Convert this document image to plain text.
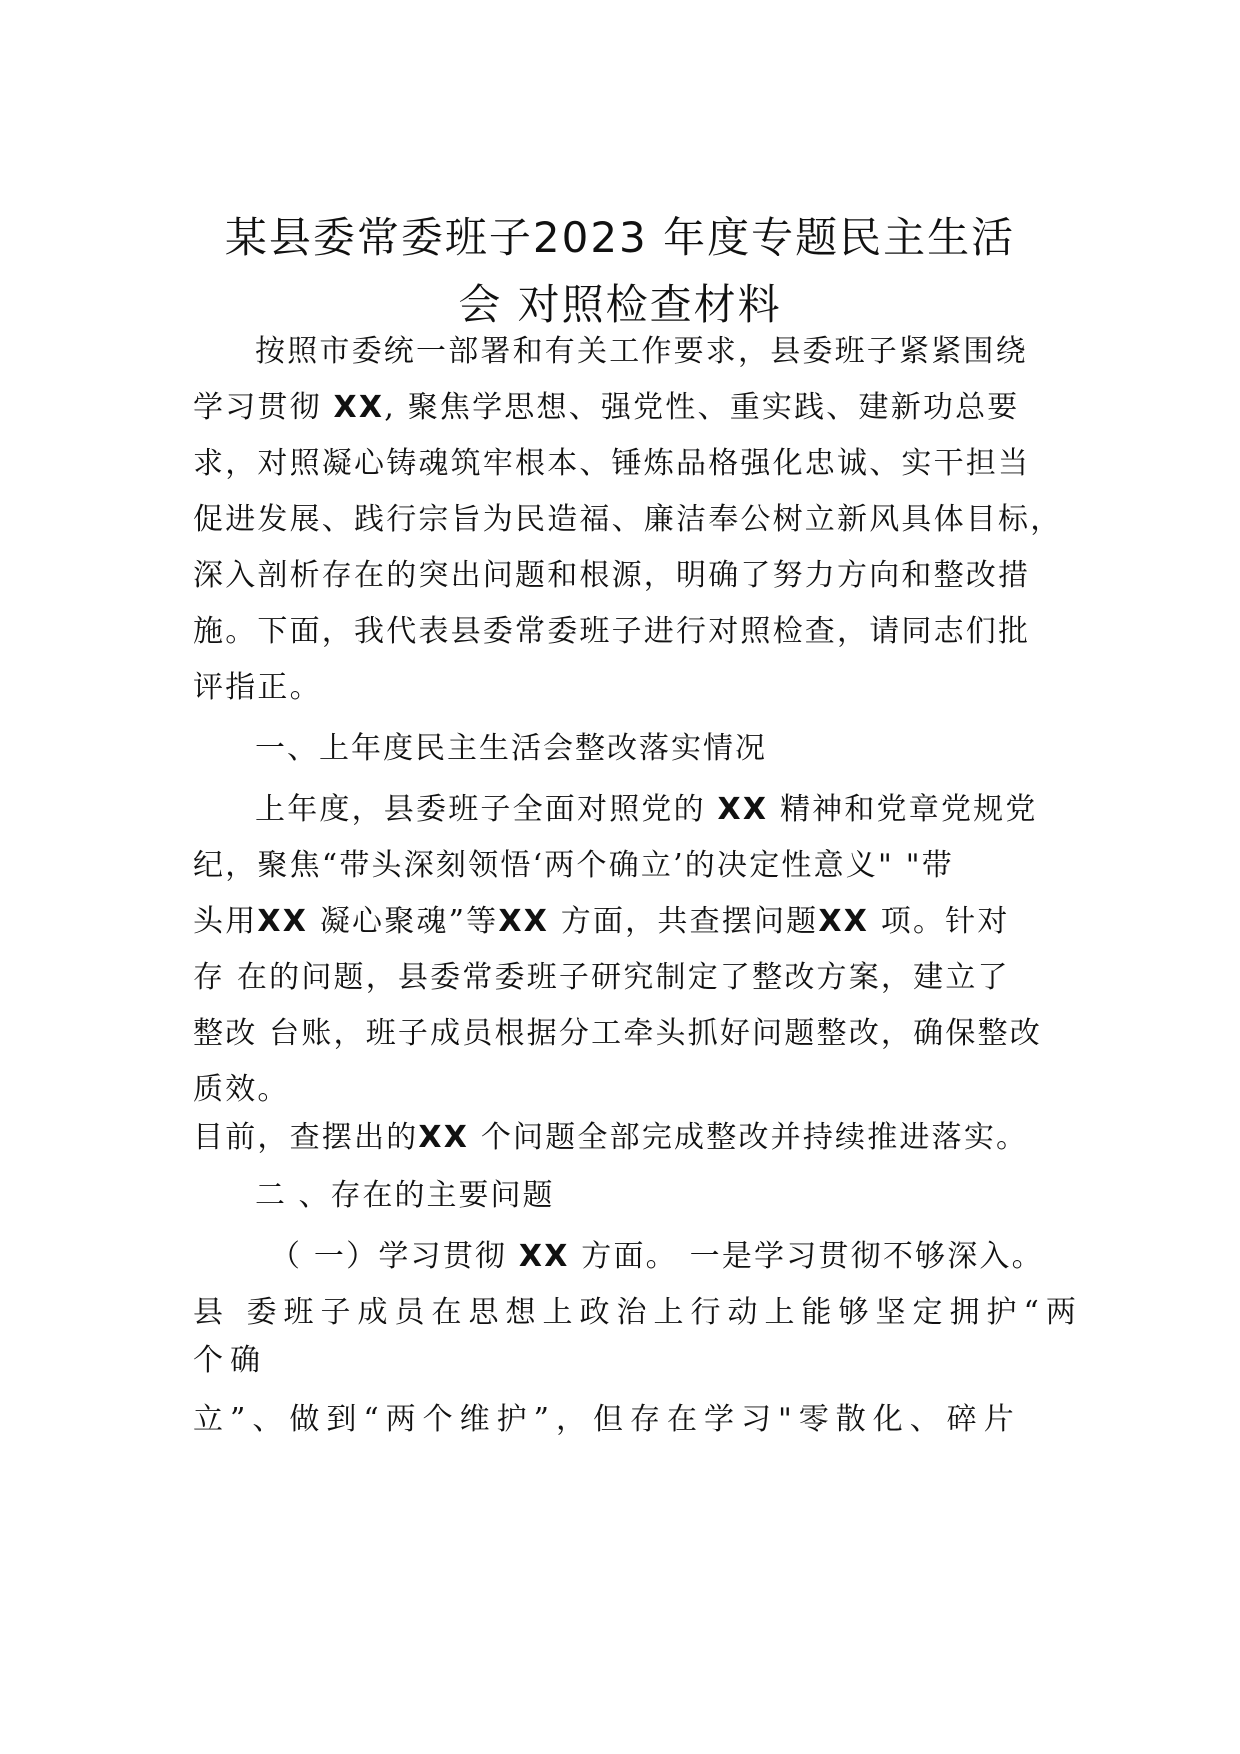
某县委常委班子2023 年度专题民主生活
会 对照检查材料

按照市委统一部署和有关工作要求，县委班子紧紧围绕

学习贯彻 XX, 聚焦学思想、强党性、重实践、建新功总要

求，对照凝心铸魂筑牢根本、锤炼品格强化忠诚、实干担当

促进发展、践行宗旨为民造福、廉洁奉公树立新风具体目标，

深入剖析存在的突出问题和根源，明确了努力方向和整改措

施。下面，我代表县委常委班子进行对照检查，请同志们批

评指正。

一、上年度民主生活会整改落实情况

上年度，县委班子全面对照党的 XX 精神和党章党规党

纪，聚焦“带头深刻领悟‘两个确立’的决定性意义" "带

头用XX 凝心聚魂”等XX 方面，共查摆问题XX 项。针对

存 在的问题，县委常委班子研究制定了整改方案，建立了

整改 台账，班子成员根据分工牵头抓好问题整改，确保整改

质效。

目前，查摆出的XX 个问题全部完成整改并持续推进落实。

二 、存在的主要问题

（ 一）学习贯彻 XX 方面。 一是学习贯彻不够深入。

县 委班子成员在思想上政治上行动上能够坚定拥护“两

个确

立”、做到“两个维护”，但存在学习"零散化、碎片
